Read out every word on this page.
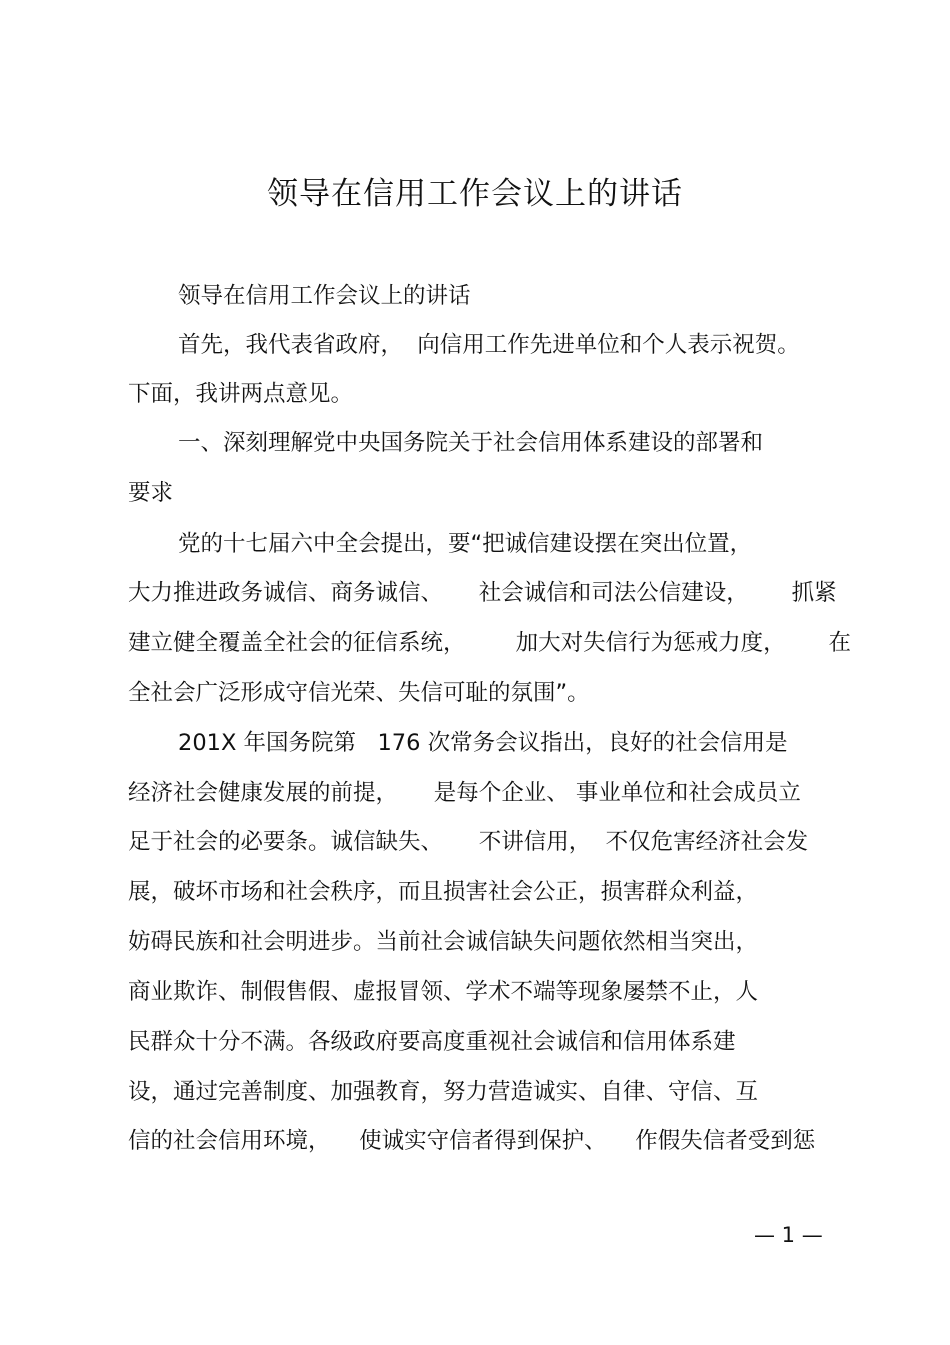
领导在信用工作会议上的讲话

领导在信用工作会议上的讲话

首先，我代表省政府，  向信用工作先进单位和个人表示祝贺。

下面，我讲两点意见。

一、深刻理解党中央国务院关于社会信用体系建设的部署和

要求

党的十七届六中全会提出，要“把诚信建设摆在突出位置，

大力推进政务诚信、商务诚信、     社会诚信和司法公信建设，      抓紧

建立健全覆盖全社会的征信系统，       加大对失信行为惩戒力度，      在

全社会广泛形成守信光荣、失信可耻的氛围”。

201X 年国务院第   176 次常务会议指出，良好的社会信用是

经济社会健康发展的前提，     是每个企业、 事业单位和社会成员立

足于社会的必要条。诚信缺失、     不讲信用，  不仅危害经济社会发

展，破坏市场和社会秩序，而且损害社会公正，损害群众利益，

妨碍民族和社会明进步。当前社会诚信缺失问题依然相当突出，

商业欺诈、制假售假、虚报冒领、学术不端等现象屡禁不止，人

民群众十分不满。各级政府要高度重视社会诚信和信用体系建

设，通过完善制度、加强教育，努力营造诚实、自律、守信、互

信的社会信用环境，    使诚实守信者得到保护、    作假失信者受到惩

— 1 —
